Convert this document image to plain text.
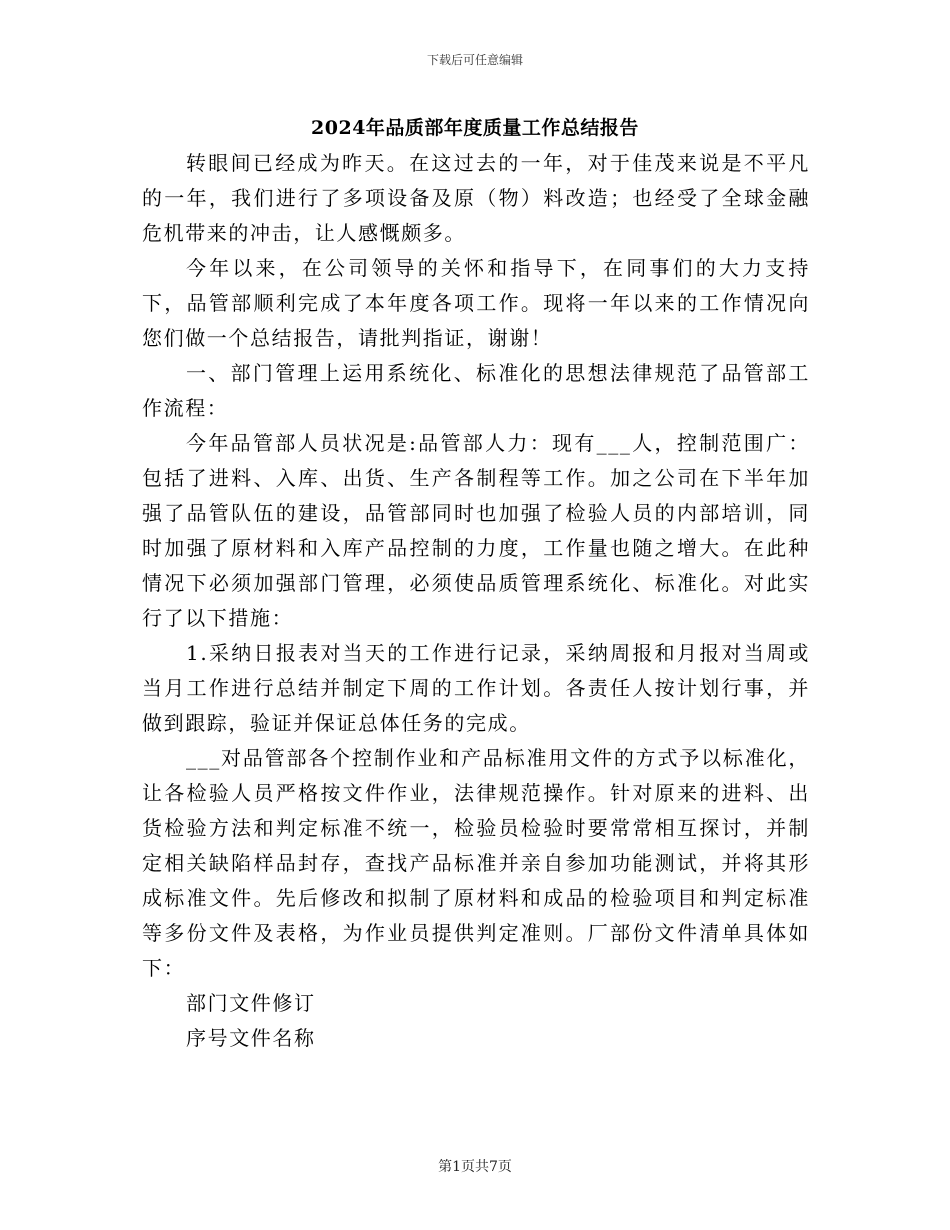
下载后可任意编辑
2024年品质部年度质量工作总结报告

转眼间已经成为昨天。在这过去的一年，对于佳茂来说是不平凡的一年，我们进行了多项设备及原（物）料改造；也经受了全球金融危机带来的冲击，让人感慨颇多。

今年以来，在公司领导的关怀和指导下，在同事们的大力支持下，品管部顺利完成了本年度各项工作。现将一年以来的工作情况向您们做一个总结报告，请批判指证，谢谢！

一、部门管理上运用系统化、标准化的思想法律规范了品管部工作流程：

今年品管部人员状况是:品管部人力：现有___人，控制范围广：包括了进料、入库、出货、生产各制程等工作。加之公司在下半年加强了品管队伍的建设，品管部同时也加强了检验人员的内部培训，同时加强了原材料和入库产品控制的力度，工作量也随之增大。在此种情况下必须加强部门管理，必须使品质管理系统化、标准化。对此实行了以下措施：

1.采纳日报表对当天的工作进行记录，采纳周报和月报对当周或当月工作进行总结并制定下周的工作计划。各责任人按计划行事，并做到跟踪，验证并保证总体任务的完成。

___对品管部各个控制作业和产品标准用文件的方式予以标准化，让各检验人员严格按文件作业，法律规范操作。针对原来的进料、出货检验方法和判定标准不统一，检验员检验时要常常相互探讨，并制定相关缺陷样品封存，查找产品标准并亲自参加功能测试，并将其形成标准文件。先后修改和拟制了原材料和成品的检验项目和判定标准等多份文件及表格，为作业员提供判定准则。厂部份文件清单具体如下：

部门文件修订

序号文件名称

第1页共7页
